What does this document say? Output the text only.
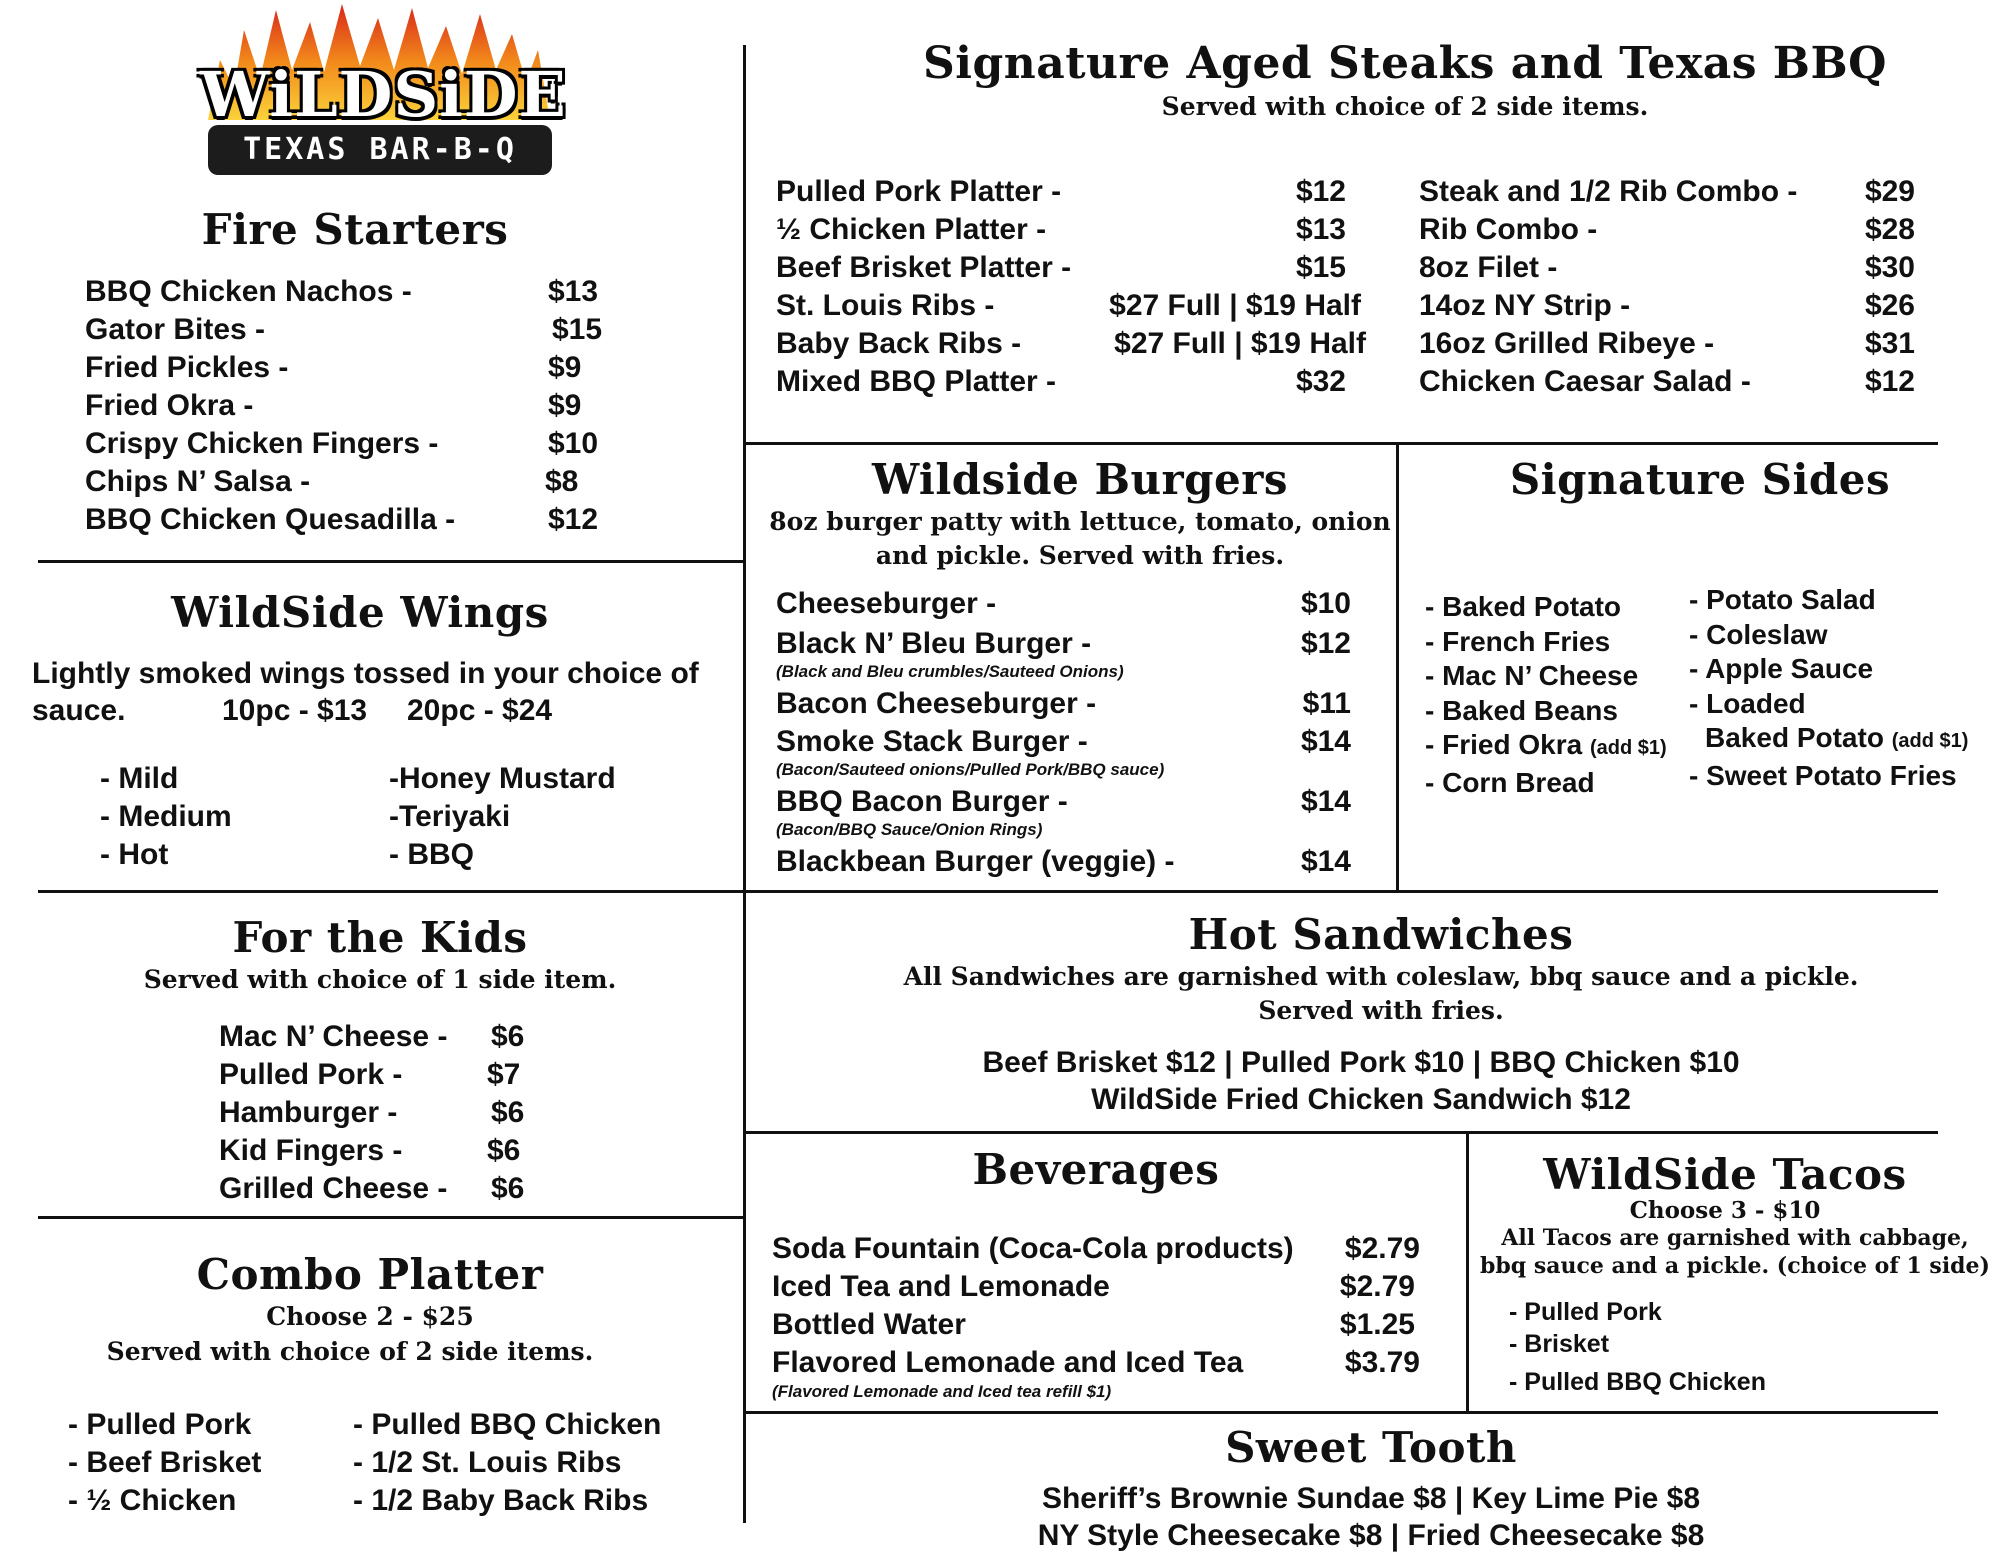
WiLDSiDE
TEXAS BAR-B-Q
Fire Starters
BBQ Chicken Nachos -	$13
Gator Bites -	$15
Fried Pickles -	$9
Fried Okra -	$9
Crispy Chicken Fingers -	$10
Chips N’ Salsa -	$8
BBQ Chicken Quesadilla -	$12
WildSide Wings
Lightly smoked wings tossed in your choice of
sauce.	10pc - $13 20pc - $24
- Mild
- Medium
- Hot
-Honey Mustard
-Teriyaki
- BBQ
For the Kids
Served with choice of 1 side item.
Mac N’ Cheese - $6
Pulled Pork -	$7
Hamburger -	$6
Kid Fingers -	$6
Grilled Cheese - $6
Combo Platter
Choose 2 - $25
Served with choice of 2 side items.
- Pulled Pork
- Beef Brisket
- ½ Chicken
- Pulled BBQ Chicken
- 1/2 St. Louis Ribs
- 1/2 Baby Back Ribs
Signature Aged Steaks and Texas BBQ
Served with choice of 2 side items.
Pulled Pork Platter -	$12
½ Chicken Platter -	$13
Beef Brisket Platter -	$15
St. Louis Ribs -	$27 Full | $19 Half
Baby Back Ribs -	$27 Full | $19 Half
Mixed BBQ Platter -	$32
Steak and 1/2 Rib Combo - $29
Rib Combo -	$28
8oz Filet -	$30
14oz NY Strip -	$26
16oz Grilled Ribeye -	$31
Chicken Caesar Salad -	$12
Wildside Burgers
8oz burger patty with lettuce, tomato, onion
and pickle. Served with fries.
Cheeseburger -	$10
Black N’ Bleu Burger -	$12
(Black and Bleu crumbles/Sauteed Onions)
Bacon Cheeseburger -	$11
Smoke Stack Burger -	$14
(Bacon/Sauteed onions/Pulled Pork/BBQ sauce)
BBQ Bacon Burger -	$14
(Bacon/BBQ Sauce/Onion Rings)
Blackbean Burger (veggie) -	$14
Signature Sides
- Baked Potato
- French Fries
- Mac N’ Cheese
- Baked Beans
- Fried Okra (add $1)
- Corn Bread
- Potato Salad
- Coleslaw
- Apple Sauce
- Loaded
Baked Potato (add $1)
- Sweet Potato Fries
Hot Sandwiches
All Sandwiches are garnished with coleslaw, bbq sauce and a pickle.
Served with fries.
Beef Brisket $12 | Pulled Pork $10 | BBQ Chicken $10
WildSide Fried Chicken Sandwich $12
Beverages
Soda Fountain (Coca-Cola products) $2.79
Iced Tea and Lemonade	$2.79
Bottled Water	$1.25
Flavored Lemonade and Iced Tea	$3.79
(Flavored Lemonade and Iced tea refill $1)
WildSide Tacos
Choose 3 - $10
All Tacos are garnished with cabbage,
bbq sauce and a pickle. (choice of 1 side)
- Pulled Pork
- Brisket
- Pulled BBQ Chicken
Sweet Tooth
Sheriff’s Brownie Sundae $8 | Key Lime Pie $8
NY Style Cheesecake $8 | Fried Cheesecake $8
